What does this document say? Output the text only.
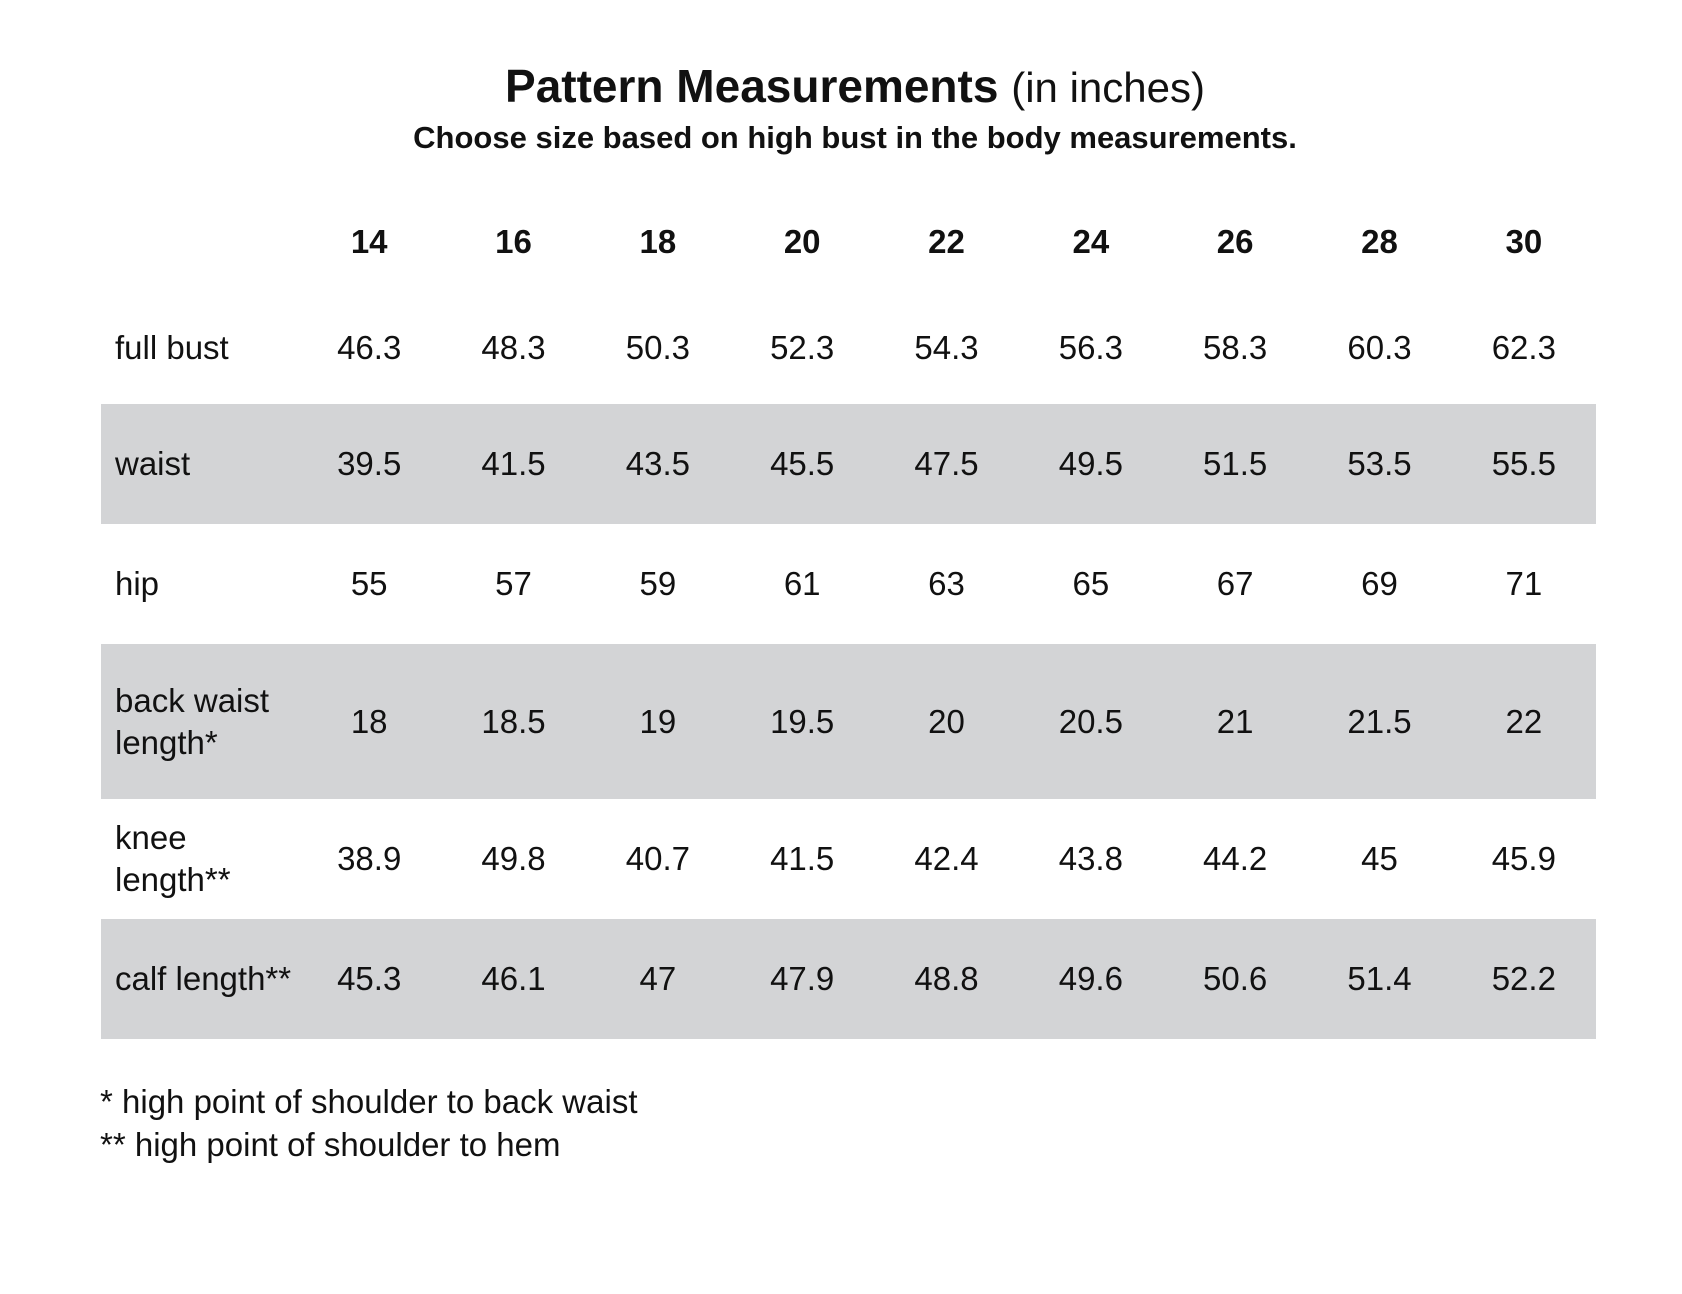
Pattern Measurements (in inches)
Choose size based on high bust in the body measurements.
	14	16	18	20	22	24	26	28	30
full bust	46.3	48.3	50.3	52.3	54.3	56.3	58.3	60.3	62.3
waist	39.5	41.5	43.5	45.5	47.5	49.5	51.5	53.5	55.5
hip	55	57	59	61	63	65	67	69	71
back waist length*	18	18.5	19	19.5	20	20.5	21	21.5	22
knee length**	38.9	49.8	40.7	41.5	42.4	43.8	44.2	45	45.9
calf length**	45.3	46.1	47	47.9	48.8	49.6	50.6	51.4	52.2
* high point of shoulder to back waist
** high point of shoulder to hem
